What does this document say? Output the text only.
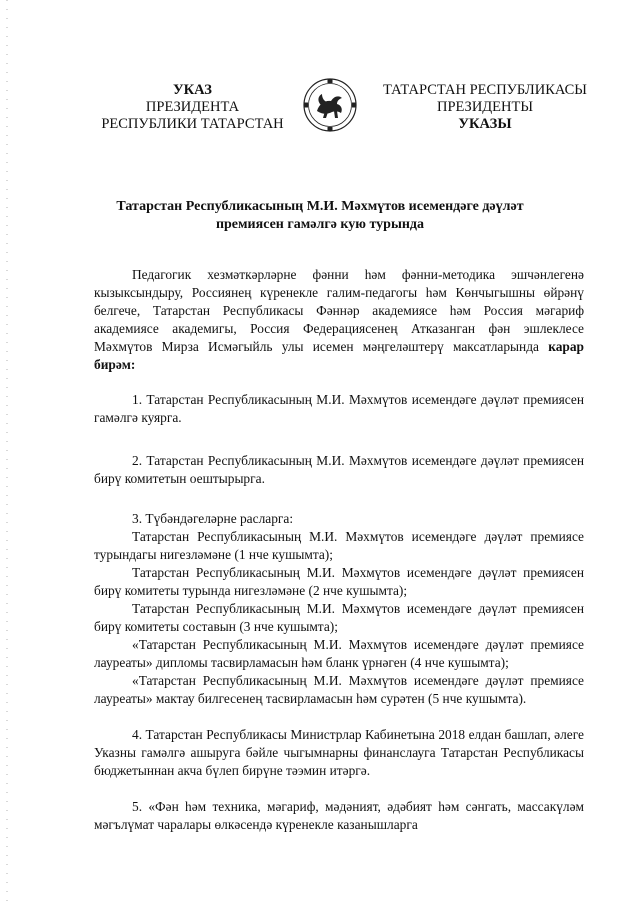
УКАЗ
ПРЕЗИДЕНТА
РЕСПУБЛИКИ ТАТАРСТАН
ТАТАРСТАН РЕСПУБЛИКАСЫ
ПРЕЗИДЕНТЫ
УКАЗЫ
Татарстан Республикасының М.И. Мәхмүтов исемендәге дәүләт
премиясен гамәлгә кую турында

Педагогик хезмәткәрләрнe фәнни һәм фәнни-методика эшчәнлегенә кызыксындыру, Россиянең күренекле галим-педагогы һәм Көнчыгышны өйрәнү белгече, Татарстан Республикасы Фәннәр академиясе һәм Россия мәгариф академиясе академигы, Россия Федерациясенең Атказанган фән эшлеклесе Мәхмүтов Мирза Исмәгыйль улы исемен мәңгеләштерү максатларында карар бирәм:

1. Татарстан Республикасының М.И. Мәхмүтов исемендәге дәүләт премиясен гамәлгә куярга.

2. Татарстан Республикасының М.И. Мәхмүтов исемендәге дәүләт премиясен бирү комитетын оештырырга.

3. Түбәндәгеләрне расларга:

Татарстан Республикасының М.И. Мәхмүтов исемендәге дәүләт премиясе турындагы нигезләмәне (1 нче кушымта);

Татарстан Республикасының М.И. Мәхмүтов исемендәге дәүләт премиясен бирү комитеты турында нигезләмәне (2 нче кушымта);

Татарстан Республикасының М.И. Мәхмүтов исемендәге дәүләт премиясен бирү комитеты составын (3 нче кушымта);

«Татарстан Республикасының М.И. Мәхмүтов исемендәге дәүләт премиясе лауреаты» дипломы тасвирламасын һәм бланк үрнәген (4 нче кушымта);

«Татарстан Республикасының М.И. Мәхмүтов исемендәге дәүләт премиясе лауреаты» мактау билгесенең тасвирламасын һәм сурәтен (5 нче кушымта).

4. Татарстан Республикасы Министрлар Кабинетына 2018 елдан башлап, әлеге Указны гамәлгә ашыруга бәйле чыгымнарны финанслауга Татарстан Республикасы бюджетыннан акча бүлеп бирүне тәэмин итәргә.

5. «Фән һәм техника, мәгариф, мәдәният, әдәбият һәм сәнгать, массакүләм мәгълүмат чаралары өлкәсендә күренекле казанышларга
